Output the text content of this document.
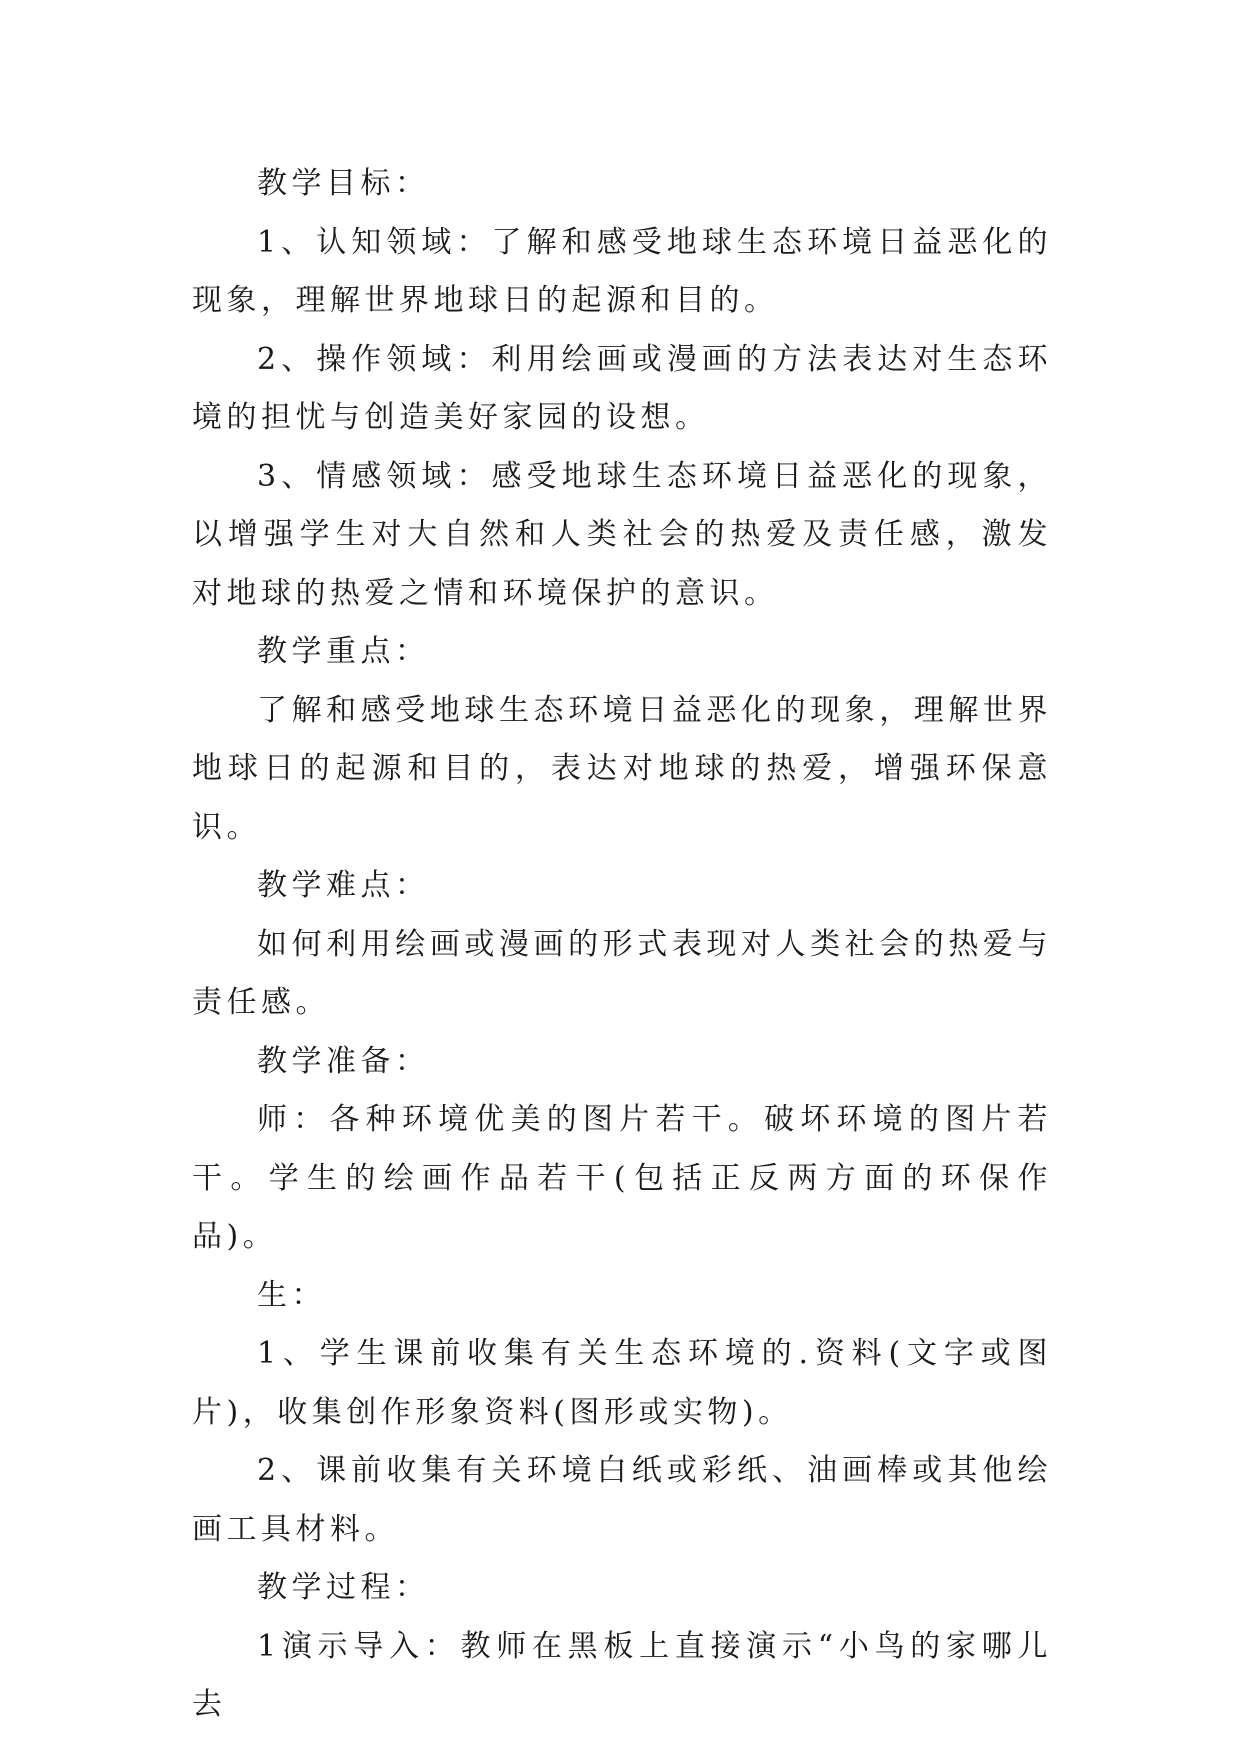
教学目标：

1、认知领域：了解和感受地球生态环境日益恶化的现象，理解世界地球日的起源和目的。

2、操作领域：利用绘画或漫画的方法表达对生态环境的担忧与创造美好家园的设想。

3、情感领域：感受地球生态环境日益恶化的现象，以增强学生对大自然和人类社会的热爱及责任感，激发对地球的热爱之情和环境保护的意识。

教学重点：

了解和感受地球生态环境日益恶化的现象，理解世界地球日的起源和目的，表达对地球的热爱，增强环保意识。

教学难点：

如何利用绘画或漫画的形式表现对人类社会的热爱与责任感。

教学准备：

师：各种环境优美的图片若干。破坏环境的图片若干。学生的绘画作品若干(包括正反两方面的环保作品)。

生：

1、学生课前收集有关生态环境的.资料(文字或图片)，收集创作形象资料(图形或实物)。

2、课前收集有关环境白纸或彩纸、油画棒或其他绘画工具材料。

教学过程：

1演示导入：教师在黑板上直接演示“小鸟的家哪儿去
